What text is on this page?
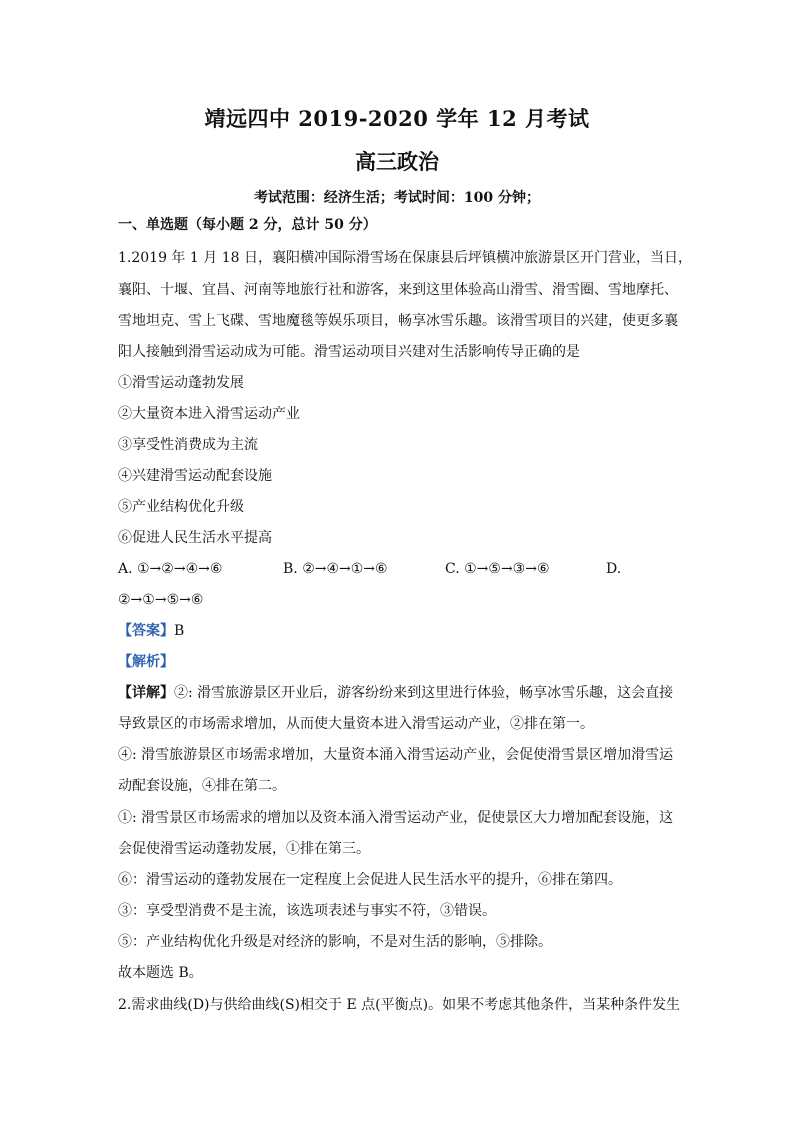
靖远四中 2019-2020 学年 12 月考试
高三政治
考试范围：经济生活；考试时间：100 分钟；
一、单选题（每小题 2 分，总计 50 分）
1.2019 年 1 月 18 日，襄阳横冲国际滑雪场在保康县后坪镇横冲旅游景区开门营业，当日，
襄阳、十堰、宜昌、河南等地旅行社和游客，来到这里体验高山滑雪、滑雪圈、雪地摩托、
雪地坦克、雪上飞碟、雪地魔毯等娱乐项目，畅享冰雪乐趣。该滑雪项目的兴建，使更多襄
阳人接触到滑雪运动成为可能。滑雪运动项目兴建对生活影响传导正确的是
①滑雪运动蓬勃发展
②大量资本进入滑雪运动产业
③享受性消费成为主流
④兴建滑雪运动配套设施
⑤产业结构优化升级
⑥促进人民生活水平提高
A. ①→②→④→⑥	B. ②→④→①→⑥	C. ①→⑤→③→⑥	D.
②→①→⑤→⑥
【答案】B
【解析】
【详解】②: 滑雪旅游景区开业后，游客纷纷来到这里进行体验，畅享冰雪乐趣，这会直接
导致景区的市场需求增加，从而使大量资本进入滑雪运动产业，②排在第一。
④: 滑雪旅游景区市场需求增加，大量资本涌入滑雪运动产业，会促使滑雪景区增加滑雪运
动配套设施，④排在第二。
①: 滑雪景区市场需求的增加以及资本涌入滑雪运动产业，促使景区大力增加配套设施，这
会促使滑雪运动蓬勃发展，①排在第三。
⑥：滑雪运动的蓬勃发展在一定程度上会促进人民生活水平的提升，⑥排在第四。
③：享受型消费不是主流，该选项表述与事实不符，③错误。
⑤：产业结构优化升级是对经济的影响，不是对生活的影响，⑤排除。
故本题选 B。
2.需求曲线(D)与供给曲线(S)相交于 E 点(平衡点)。如果不考虑其他条件，当某种条件发生
